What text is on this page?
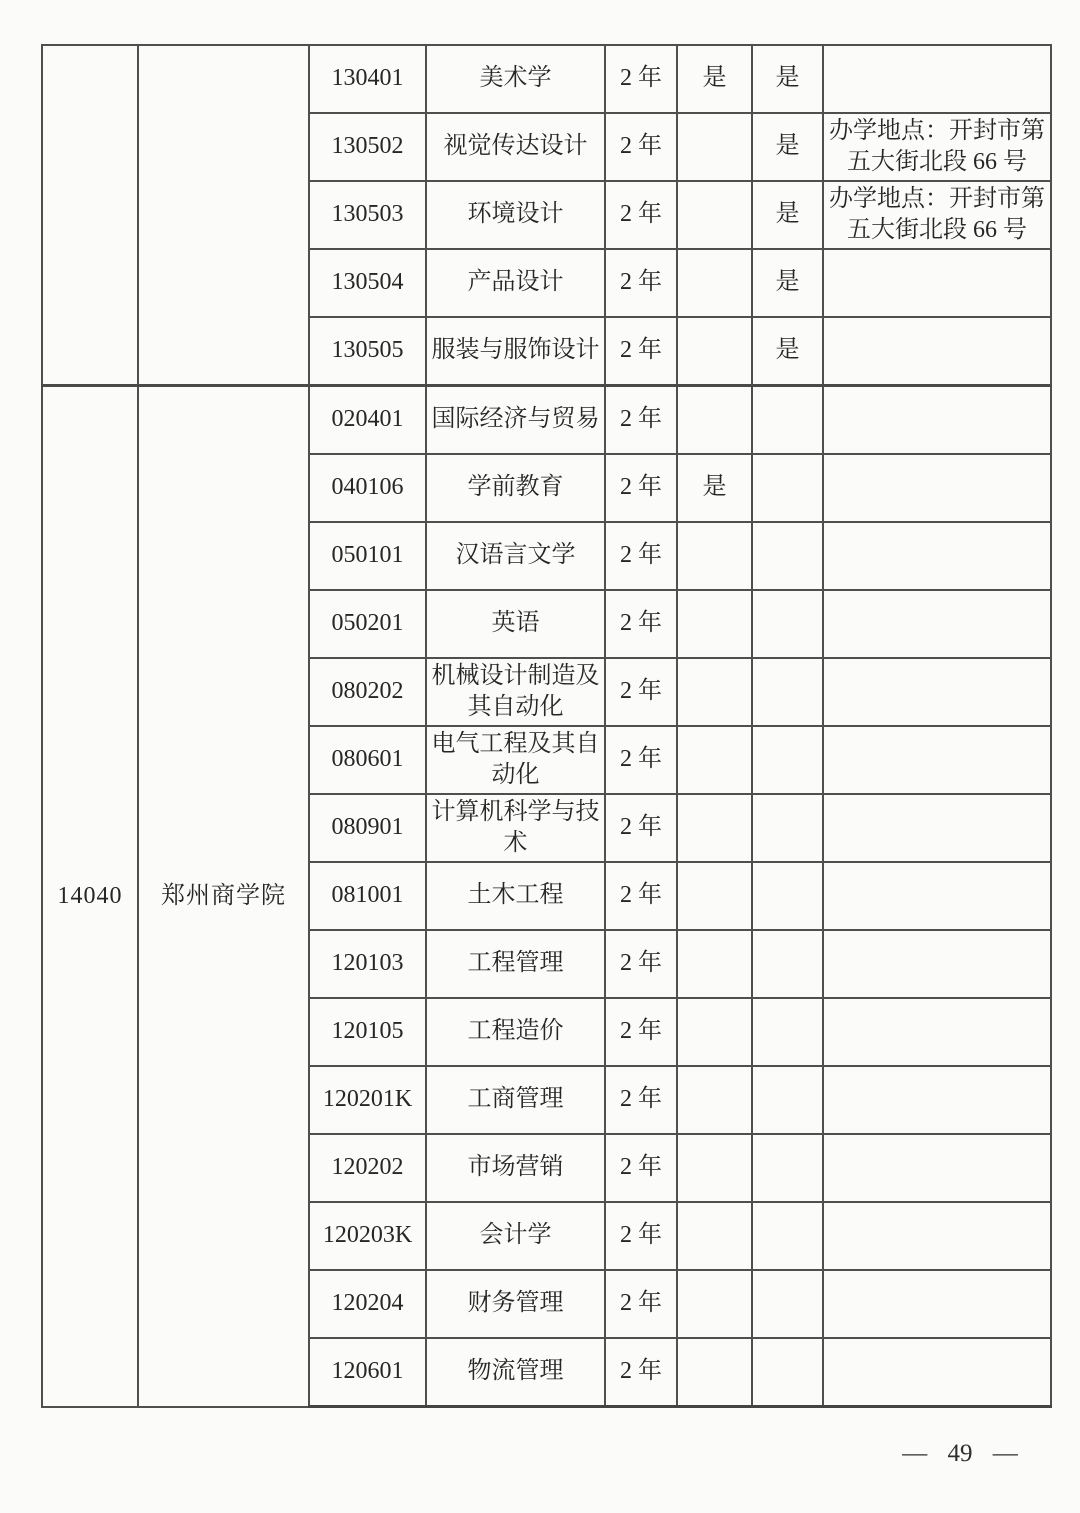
		130401	美术学	2 年	是	是	
		130502	视觉传达设计	2 年		是	办学地点：开封市第五大街北段 66 号
		130503	环境设计	2 年		是	办学地点：开封市第五大街北段 66 号
		130504	产品设计	2 年		是	
		130505	服装与服饰设计	2 年		是	
14040	郑州商学院	020401	国际经济与贸易	2 年			
		040106	学前教育	2 年	是		
		050101	汉语言文学	2 年			
		050201	英语	2 年			
		080202	机械设计制造及其自动化	2 年			
		080601	电气工程及其自动化	2 年			
		080901	计算机科学与技术	2 年			
		081001	土木工程	2 年			
		120103	工程管理	2 年			
		120105	工程造价	2 年			
		120201K	工商管理	2 年			
		120202	市场营销	2 年			
		120203K	会计学	2 年			
		120204	财务管理	2 年			
		120601	物流管理	2 年			
— 49 —
